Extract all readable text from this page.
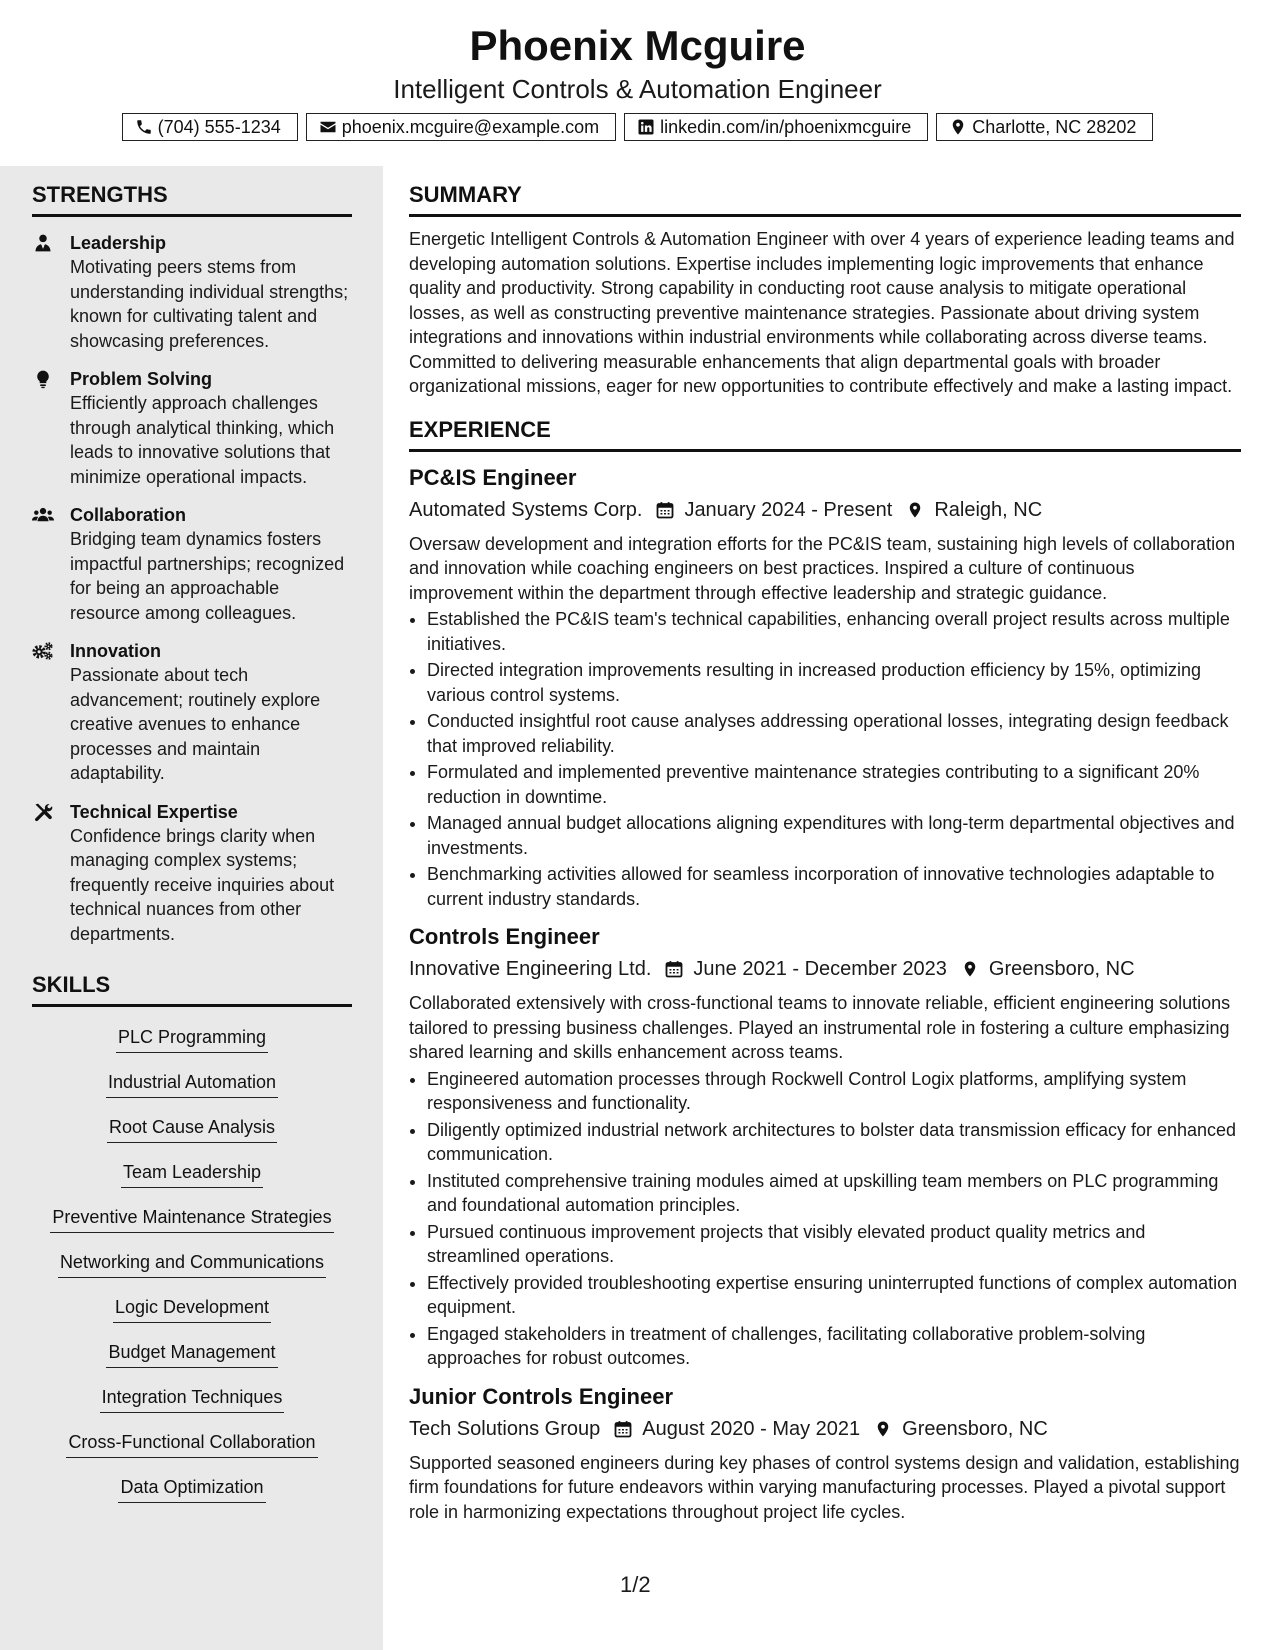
Phoenix Mcguire
Intelligent Controls & Automation Engineer
(704) 555-1234	phoenix.mcguire@example.com	linkedin.com/in/phoenixmcguire	Charlotte, NC 28202
STRENGTHS
Leadership
Motivating peers stems from understanding individual strengths; known for cultivating talent and showcasing preferences.
Problem Solving
Efficiently approach challenges through analytical thinking, which leads to innovative solutions that minimize operational impacts.
Collaboration
Bridging team dynamics fosters impactful partnerships; recognized for being an approachable resource among colleagues.
Innovation
Passionate about tech advancement; routinely explore creative avenues to enhance processes and maintain adaptability.
Technical Expertise
Confidence brings clarity when managing complex systems; frequently receive inquiries about technical nuances from other departments.
SKILLS
PLC Programming
Industrial Automation
Root Cause Analysis
Team Leadership
Preventive Maintenance Strategies
Networking and Communications
Logic Development
Budget Management
Integration Techniques
Cross-Functional Collaboration
Data Optimization
SUMMARY
Energetic Intelligent Controls & Automation Engineer with over 4 years of experience leading teams and developing automation solutions. Expertise includes implementing logic improvements that enhance quality and productivity. Strong capability in conducting root cause analysis to mitigate operational losses, as well as constructing preventive maintenance strategies. Passionate about driving system integrations and innovations within industrial environments while collaborating across diverse teams. Committed to delivering measurable enhancements that align departmental goals with broader organizational missions, eager for new opportunities to contribute effectively and make a lasting impact.
EXPERIENCE
PC&IS Engineer
Automated Systems Corp. January 2024 - Present Raleigh, NC
Oversaw development and integration efforts for the PC&IS team, sustaining high levels of collaboration and innovation while coaching engineers on best practices. Inspired a culture of continuous improvement within the department through effective leadership and strategic guidance.
• Established the PC&IS team's technical capabilities, enhancing overall project results across multiple initiatives.
• Directed integration improvements resulting in increased production efficiency by 15%, optimizing various control systems.
• Conducted insightful root cause analyses addressing operational losses, integrating design feedback that improved reliability.
• Formulated and implemented preventive maintenance strategies contributing to a significant 20% reduction in downtime.
• Managed annual budget allocations aligning expenditures with long-term departmental objectives and investments.
• Benchmarking activities allowed for seamless incorporation of innovative technologies adaptable to current industry standards.
Controls Engineer
Innovative Engineering Ltd. June 2021 - December 2023 Greensboro, NC
Collaborated extensively with cross-functional teams to innovate reliable, efficient engineering solutions tailored to pressing business challenges. Played an instrumental role in fostering a culture emphasizing shared learning and skills enhancement across teams.
• Engineered automation processes through Rockwell Control Logix platforms, amplifying system responsiveness and functionality.
• Diligently optimized industrial network architectures to bolster data transmission efficacy for enhanced communication.
• Instituted comprehensive training modules aimed at upskilling team members on PLC programming and foundational automation principles.
• Pursued continuous improvement projects that visibly elevated product quality metrics and streamlined operations.
• Effectively provided troubleshooting expertise ensuring uninterrupted functions of complex automation equipment.
• Engaged stakeholders in treatment of challenges, facilitating collaborative problem-solving approaches for robust outcomes.
Junior Controls Engineer
Tech Solutions Group August 2020 - May 2021 Greensboro, NC
Supported seasoned engineers during key phases of control systems design and validation, establishing firm foundations for future endeavors within varying manufacturing processes. Played a pivotal support role in harmonizing expectations throughout project life cycles.
1/2
